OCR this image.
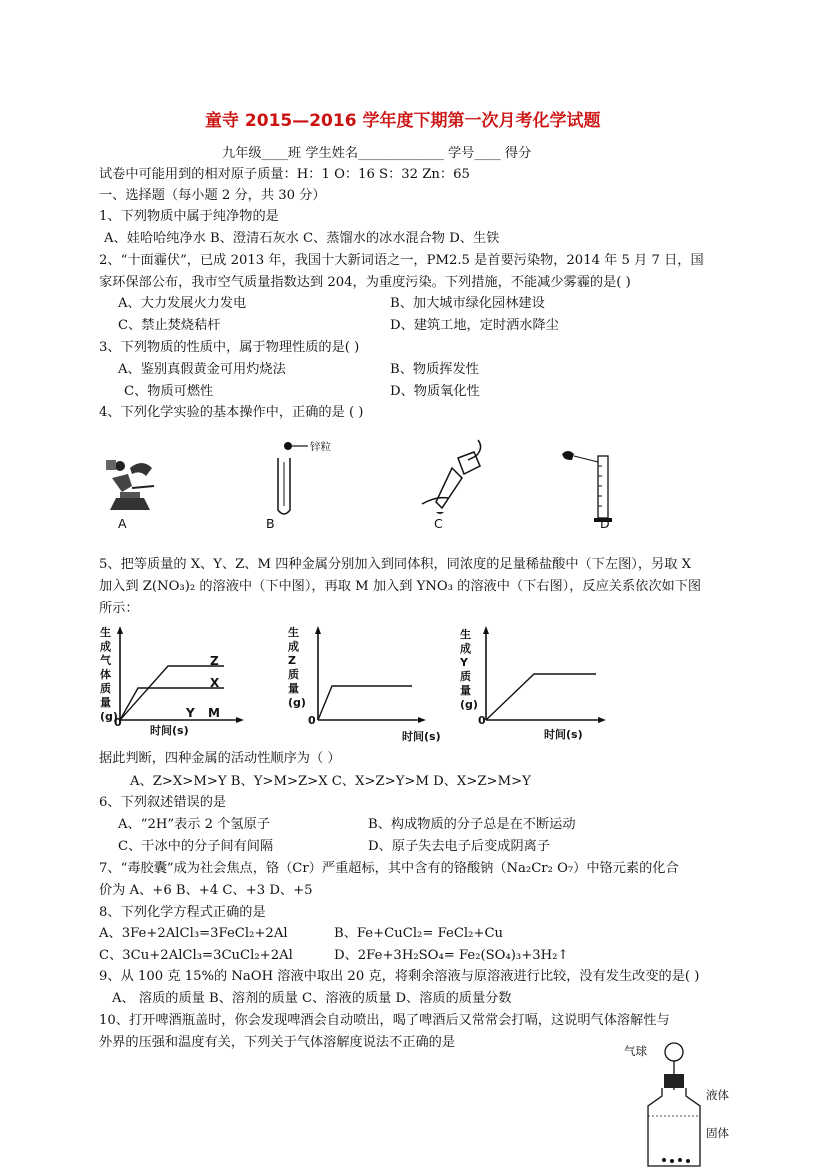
童寺 2015—2016 学年度下期第一次月考化学试题
九年级____班 学生姓名_____________ 学号____ 得分
试卷中可能用到的相对原子质量：H：1 O：16 S：32 Zn：65
一、选择题（每小题 2 分，共 30 分）
1、下列物质中属于纯净物的是
A、娃哈哈纯净水 B、澄清石灰水 C、蒸馏水的冰水混合物 D、生铁
2、“十面霾伏”，已成 2013 年，我国十大新词语之一，PM2.5 是首要污染物，2014 年 5 月 7 日，国
家环保部公布，我市空气质量指数达到 204，为重度污染。下列措施，不能减少雾霾的是( )
A、大力发展火力发电	B、加大城市绿化园林建设
C、禁止焚烧秸杆	D、建筑工地，定时洒水降尘
3、下列物质的性质中，属于物理性质的是( )
A、鉴别真假黄金可用灼烧法	B、物质挥发性
C、物质可燃性	D、物质氧化性
4、下列化学实验的基本操作中，正确的是 ( )
A
锌粒
B	C	D
5、把等质量的 X、Y、Z、M 四种金属分别加入到同体积，同浓度的足量稀盐酸中（下左图），另取 X
加入到 Z(NO₃)₂ 的溶液中（下中图），再取 M 加入到 YNO₃ 的溶液中（下右图），反应关系依次如下图
所示：
生成气体质量(g)
0
时间(s)
Z
X
Y M
生成Z质量(g)
0
时间(s)
生成Y质量(g)
0
时间(s)
据此判断，四种金属的活动性顺序为（ ）
A、Z>X>M>Y B、Y>M>Z>X C、X>Z>Y>M D、X>Z>M>Y
6、下列叙述错误的是
A、“2H”表示 2 个氢原子	B、构成物质的分子总是在不断运动
C、干冰中的分子间有间隔	D、原子失去电子后变成阴离子
7、“毒胶囊”成为社会焦点，铬（Cr）严重超标，其中含有的铬酸钠（Na₂Cr₂ O₇）中铬元素的化合
价为 A、+6 B、+4 C、+3 D、+5
8、下列化学方程式正确的是
A、3Fe+2AlCl₃=3FeCl₂+2Al	B、Fe+CuCl₂= FeCl₂+Cu
C、3Cu+2AlCl₃=3CuCl₂+2Al	D、2Fe+3H₂SO₄= Fe₂(SO₄)₃+3H₂↑
9、从 100 克 15%的 NaOH 溶液中取出 20 克，将剩余溶液与原溶液进行比较，没有发生改变的是( )
A、 溶质的质量 B、溶剂的质量 C、溶液的质量 D、溶质的质量分数
10、打开啤酒瓶盖时，你会发现啤酒会自动喷出，喝了啤酒后又常常会打嗝，这说明气体溶解性与
外界的压强和温度有关，下列关于气体溶解度说法不正确的是
气球
液体
固体
